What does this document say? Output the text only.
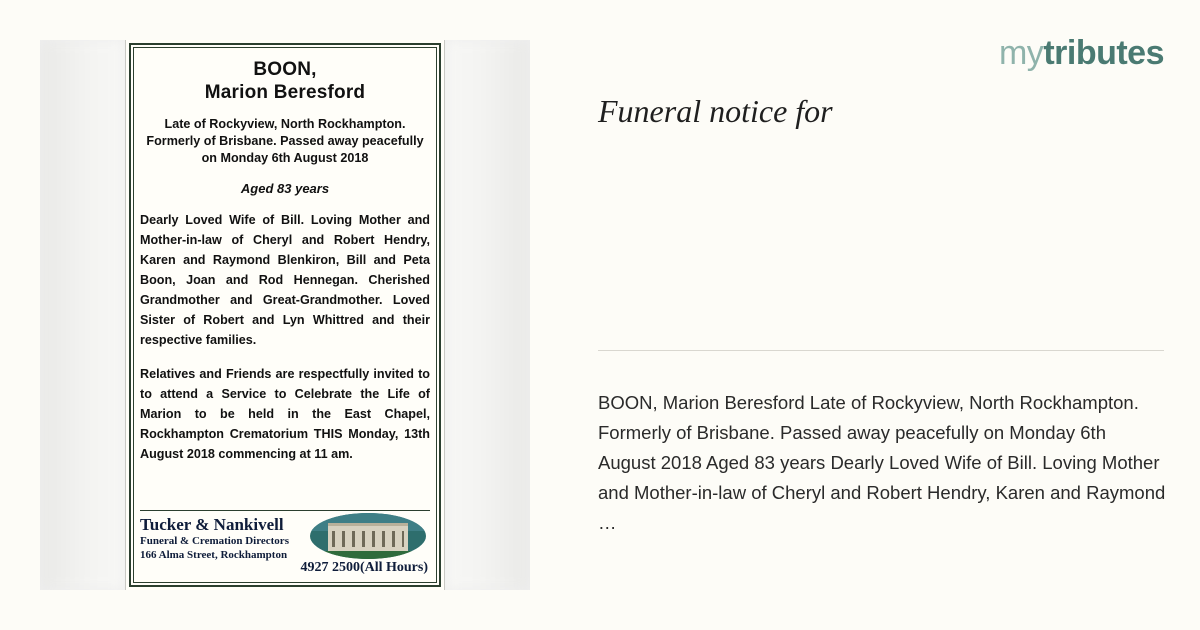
BOON,
Marion Beresford
Late of Rockyview, North Rockhampton. Formerly of Brisbane. Passed away peacefully on Monday 6th August 2018
Aged 83 years
Dearly Loved Wife of Bill. Loving Mother and Mother-in-law of Cheryl and Robert Hendry, Karen and Raymond Blenkiron, Bill and Peta Boon, Joan and Rod Hennegan. Cherished Grandmother and Great-Grandmother. Loved Sister of Robert and Lyn Whittred and their respective families.
Relatives and Friends are respectfully invited to to attend a Service to Celebrate the Life of Marion to be held in the East Chapel, Rockhampton Crematorium THIS Monday, 13th August 2018 commencing at 11 am.
Tucker & Nankivell
Funeral & Cremation Directors
166 Alma Street, Rockhampton
4927 2500(All Hours)
mytributes
Funeral notice for
BOON, Marion Beresford Late of Rockyview, North Rockhampton. Formerly of Brisbane. Passed away peacefully on Monday 6th August 2018 Aged 83 years Dearly Loved Wife of Bill. Loving Mother and Mother-in-law of Cheryl and Robert Hendry, Karen and Raymond …
